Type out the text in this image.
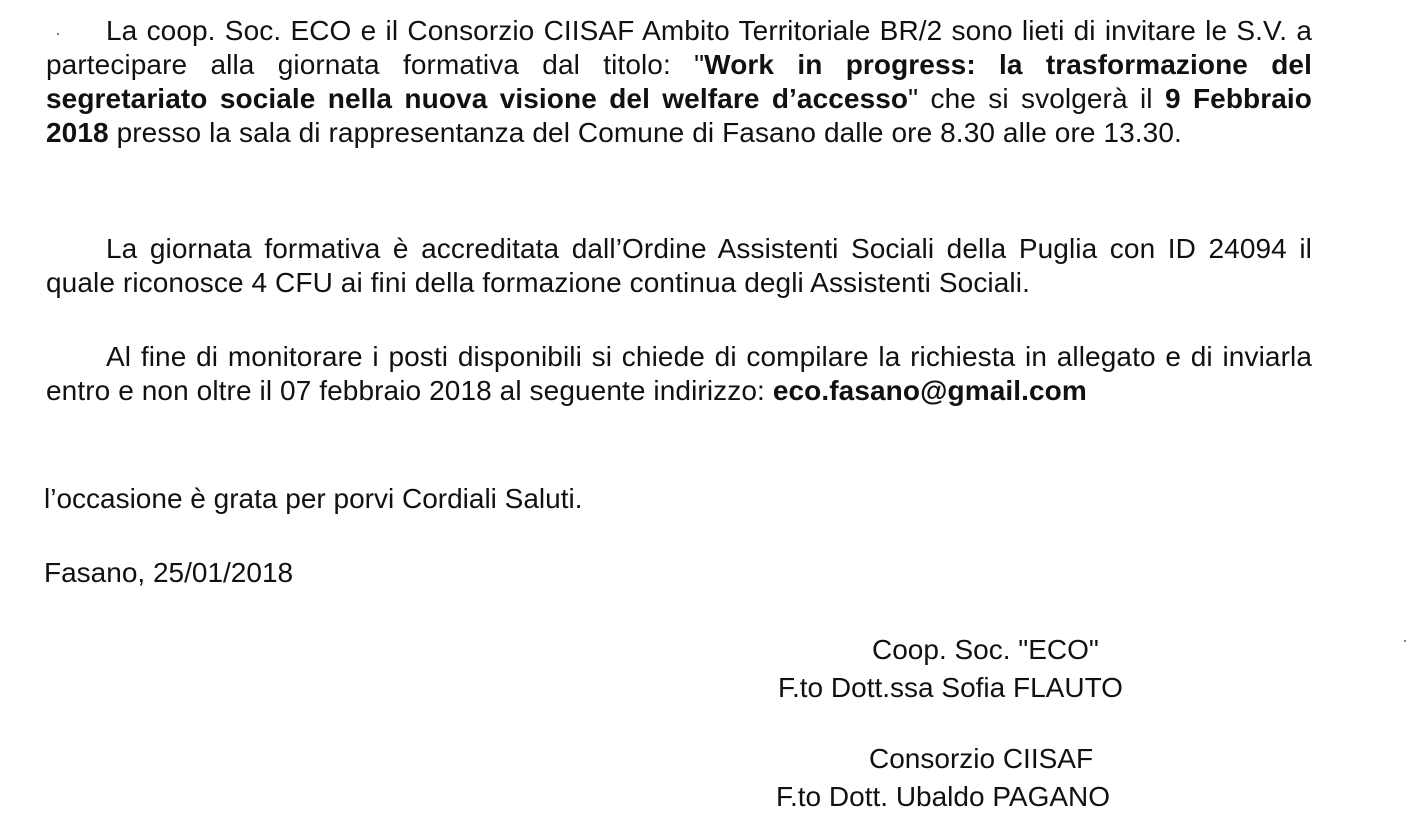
La coop. Soc. ECO e il Consorzio CIISAF Ambito Territoriale BR/2 sono lieti di invitare le S.V. a partecipare alla giornata formativa dal titolo: "Work in progress: la trasformazione del segretariato sociale nella nuova visione del welfare d’accesso" che si svolgerà il 9 Febbraio 2018 presso la sala di rappresentanza del Comune di Fasano dalle ore 8.30 alle ore 13.30.

La giornata formativa è accreditata dall’Ordine Assistenti Sociali della Puglia con ID 24094 il quale riconosce 4 CFU ai fini della formazione continua degli Assistenti Sociali.

Al fine di monitorare i posti disponibili si chiede di compilare la richiesta in allegato e di inviarla entro e non oltre il 07 febbraio 2018 al seguente indirizzo: eco.fasano@gmail.com

l’occasione è grata per porvi Cordiali Saluti.
Fasano, 25/01/2018
Coop. Soc. "ECO"
F.to Dott.ssa Sofia FLAUTO
Consorzio CIISAF
F.to Dott. Ubaldo PAGANO
